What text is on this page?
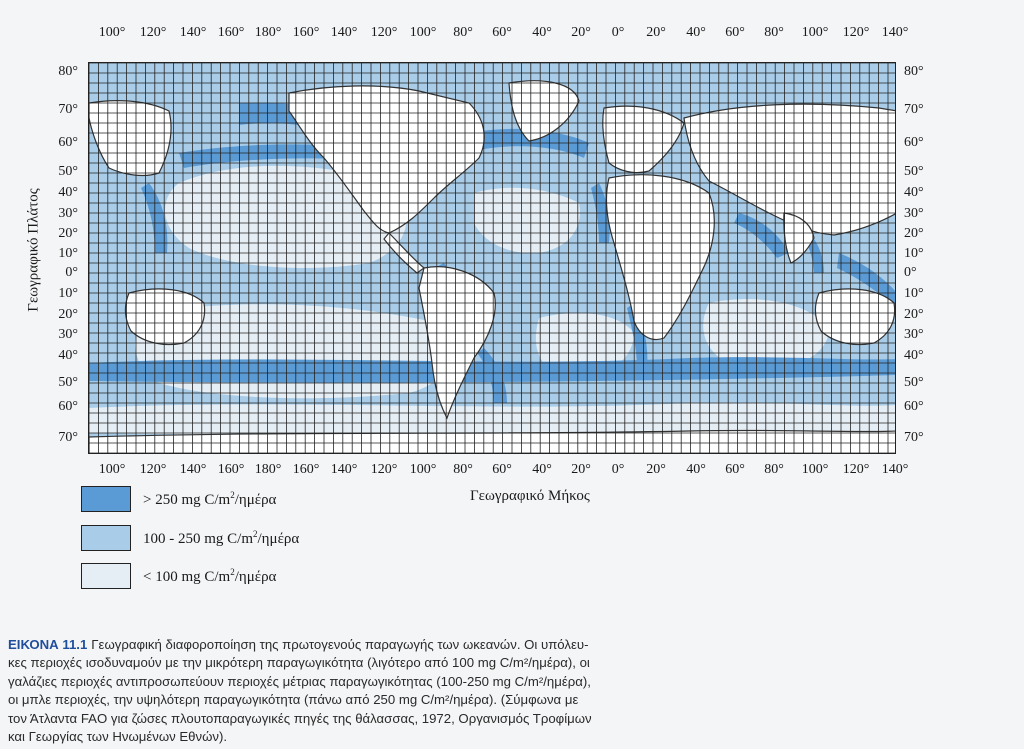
100° 120° 140° 160° 180° 160° 140° 120° 100° 80° 60° 40° 20° 0° 20° 40° 60° 80° 100° 120° 140°
100° 120° 140° 160° 180° 160° 140° 120° 100° 80° 60° 40° 20° 0° 20° 40° 60° 80° 100° 120° 140°
80°
70°
60°
50°
40°
30°
20°
10°
0°
10°
20°
30°
40°
50°
60°
70°
80°
70°
60°
50°
40°
30°
20°
10°
0°
10°
20°
30°
40°
50°
60°
70°
Γεωγραφικό Πλάτος
Γεωγραφικό Μήκος
> 250 mg $C/m^2$/ημέρα
100 - 250 mg $C/m^2$/ημέρα
< 100 mg $C/m^2$/ημέρα
ΕΙΚΟΝΑ 11.1 Γεωγραφική διαφοροποίηση της πρωτογενούς παραγωγής των ωκεανών. Οι υπόλευ-
κες περιοχές ισοδυναμούν με την μικρότερη παραγωγικότητα (λιγότερο από 100 mg C/m²/ημέρα), οι
γαλάζιες περιοχές αντιπροσωπεύουν περιοχές μέτριας παραγωγικότητας (100-250 mg C/m²/ημέρα),
οι μπλε περιοχές, την υψηλότερη παραγωγικότητα (πάνω από 250 mg C/m²/ημέρα). (Σύμφωνα με
τον Άτλαντα FAO για ζώσες πλουτοπαραγωγικές πηγές της θάλασσας, 1972, Οργανισμός Τροφίμων
και Γεωργίας των Ηνωμένων Εθνών).
